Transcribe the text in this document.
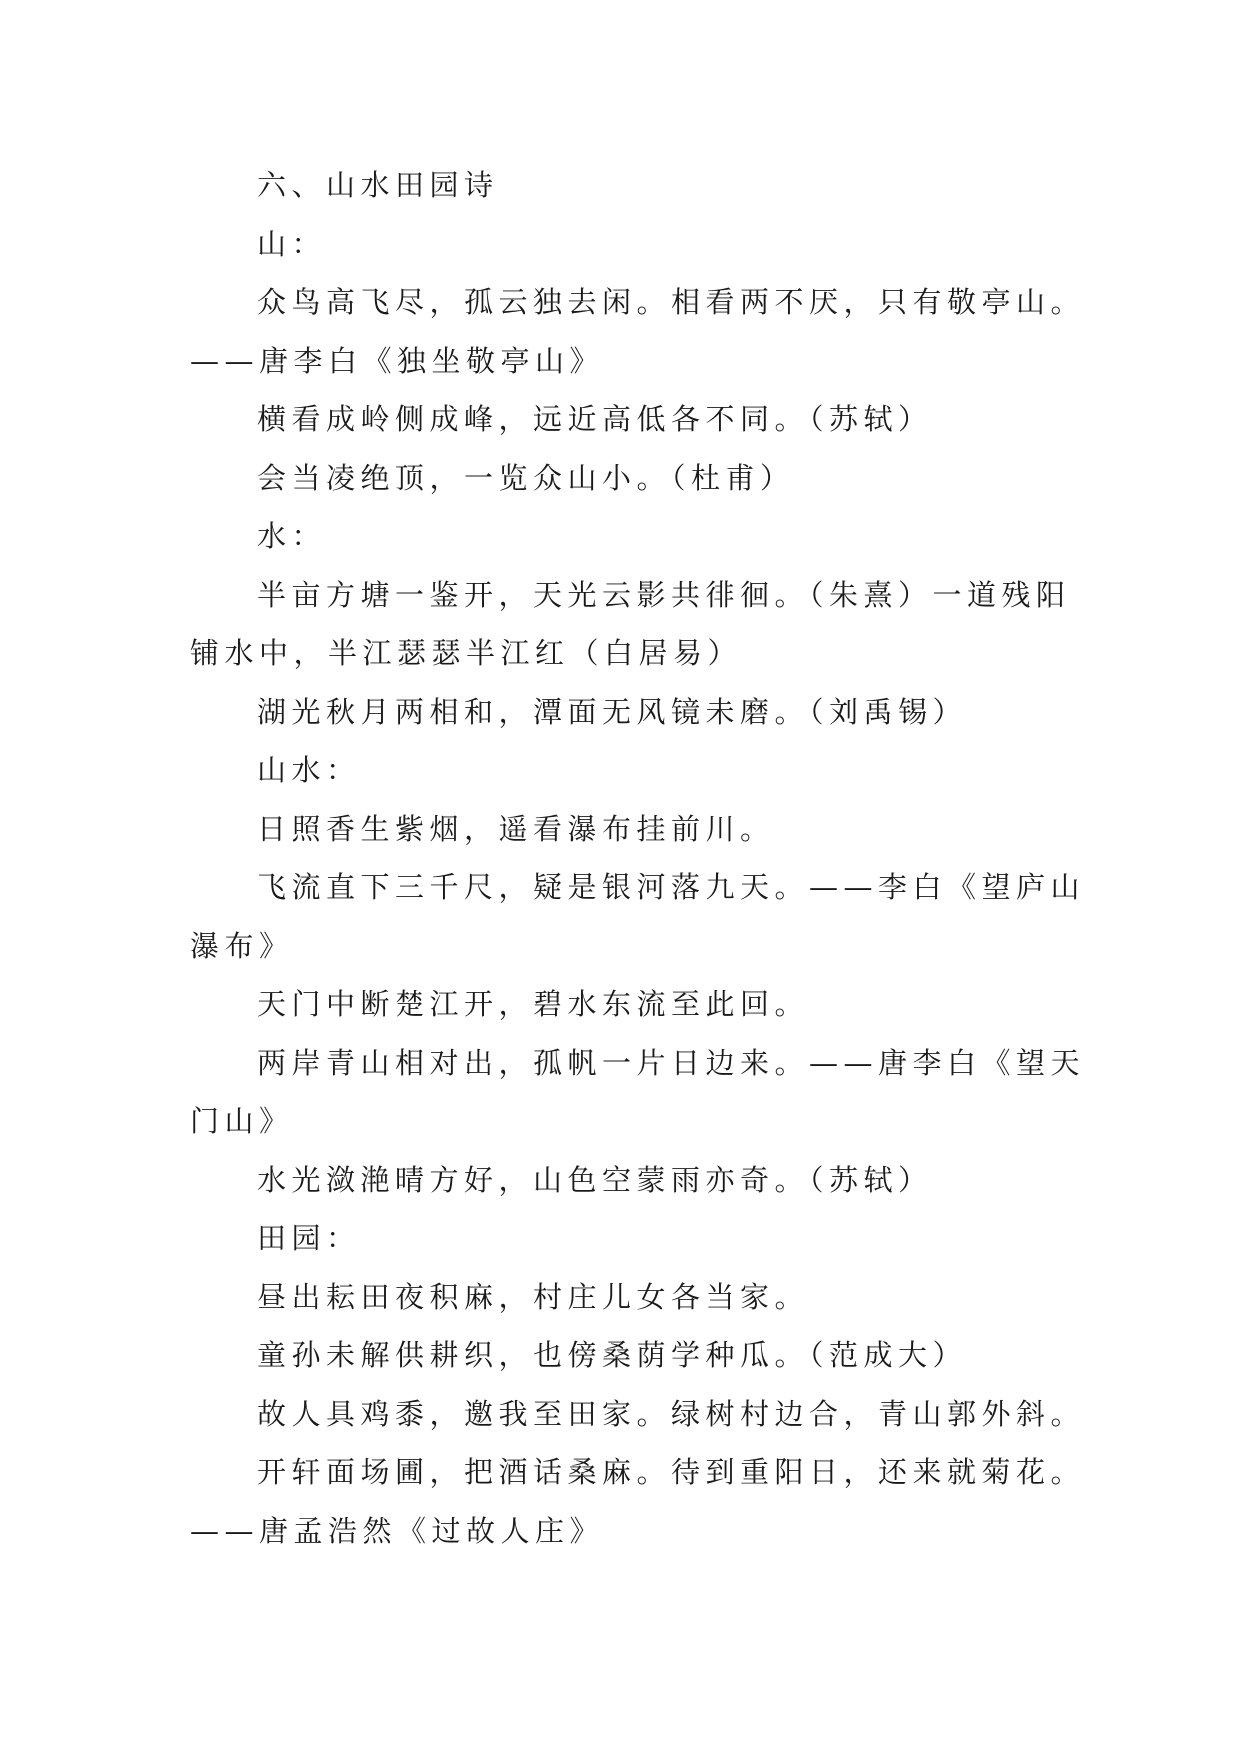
六、山水田园诗
山：
众鸟高飞尽，孤云独去闲。相看两不厌，只有敬亭山。
——唐李白《独坐敬亭山》
横看成岭侧成峰，远近高低各不同。（苏轼）
会当凌绝顶，一览众山小。（杜甫）
水：
半亩方塘一鉴开，天光云影共徘徊。（朱熹）一道残阳
铺水中，半江瑟瑟半江红（白居易）
湖光秋月两相和，潭面无风镜未磨。（刘禹锡）
山水：
日照香生紫烟，遥看瀑布挂前川。
飞流直下三千尺，疑是银河落九天。——李白《望庐山
瀑布》
天门中断楚江开，碧水东流至此回。
两岸青山相对出，孤帆一片日边来。——唐李白《望天
门山》
水光潋滟晴方好，山色空蒙雨亦奇。（苏轼）
田园：
昼出耘田夜积麻，村庄儿女各当家。
童孙未解供耕织，也傍桑荫学种瓜。（范成大）
故人具鸡黍，邀我至田家。绿树村边合，青山郭外斜。
开轩面场圃，把酒话桑麻。待到重阳日，还来就菊花。
——唐孟浩然《过故人庄》
